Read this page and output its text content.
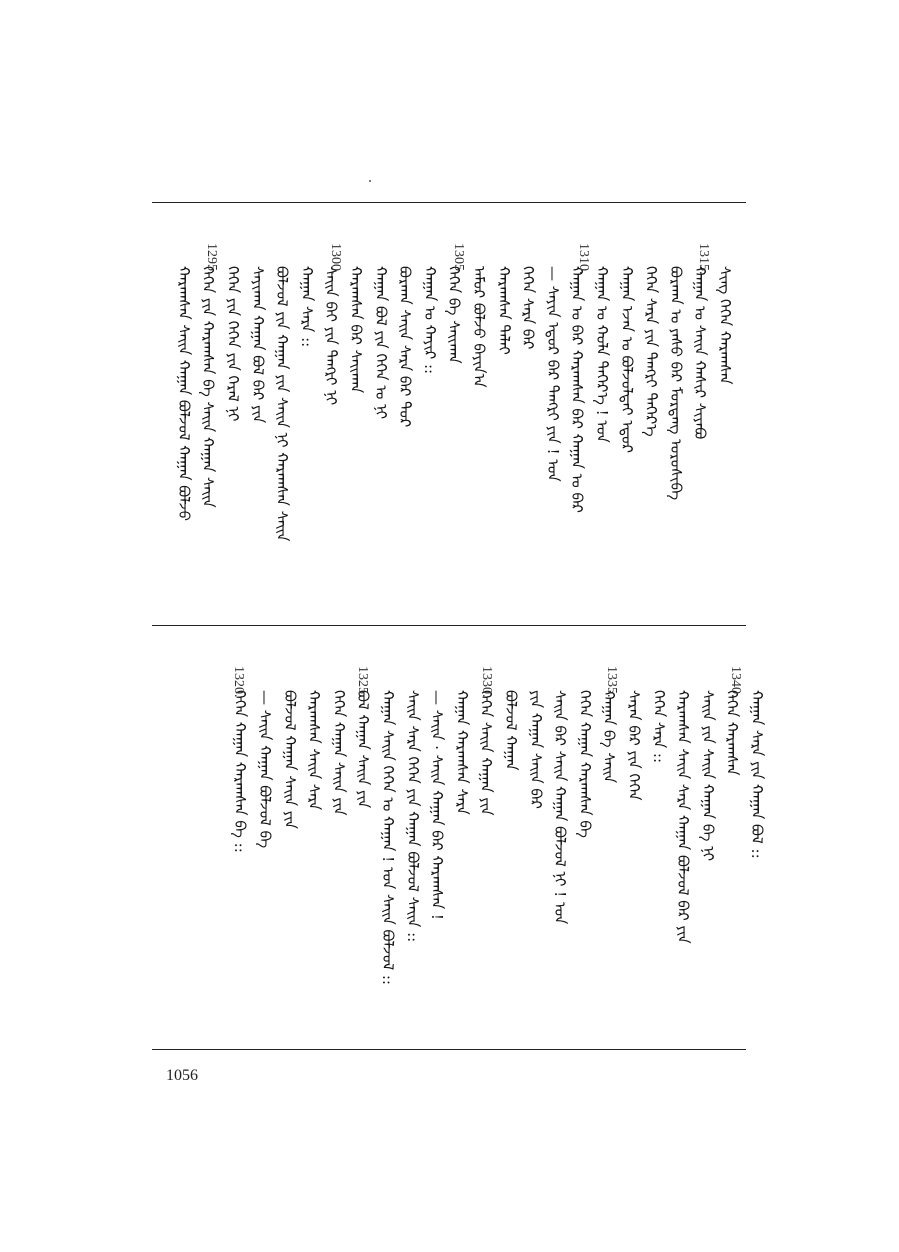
ᠰᠢᠩ ᠭᠡᠭᠡᠨ ᠬᠠᠷᠠᠭᠰᠠᠨ
ᠬᠠᠭᠠᠨ ᠤ ᠰᠠᠢᠨ ᠬᠠᠰᠢᠷ ᠰᠢᠶᠠᠪᠤ
ᠪᠤᠷᠬᠠᠨ ᠤ ᠶᠠᠰᠤ ᠪᠠᠷ ᠮᠣᠷᠳᠠᠩ ᠣᠷᠤᠰᠢᠪᠠ
ᠭᠡᠭᠡᠨ ᠰᠠᠷᠠ ᠶᠢᠨ ᠲᠡᠩᠷᠢ ᠳᠡᠭᠡᠷ᠎ᠡ
ᠬᠠᠭᠠᠨ ᠡᠵᠡᠨ ᠤ ᠪᠣᠯᠵᠣᠯᠲᠠᠢ ᠡᠳᠦᠷ
ᠬᠠᠭᠠᠨ ᠤ ᠬᠣᠯᠠ ᠳᠡᠭᠡᠷ᠎ᠡ ! ᠣᠨ
ᠬᠠᠭᠠᠨ ᠤ ᠪᠠᠷ ᠬᠠᠷᠠᠭᠰᠠᠨ ᠪᠠᠷ ᠬᠠᠭᠠᠨ ᠤ ᠪᠠᠷ
— ᠰᠠᠶᠢᠨ ᠡᠳᠦᠷ ᠪᠠᠷ ᠲᠡᠩᠷᠢ ᠶᠢᠨ ! ᠣᠨ
ᠭᠡᠭᠡᠨ ᠰᠠᠷᠠ ᠪᠠᠷ
ᠬᠠᠷᠠᠭᠰᠠᠨ ᠳᠠᠯᠠᠢ
ᠠᠮᠤᠷ ᠪᠣᠯᠵᠣ ᠪᠠᠶᠢᠨ᠎ᠠ
ᠭᠡᠭᠡᠨ ᠪᠠ ᠰᠠᠢᠬᠠᠨ
ᠬᠠᠭᠠᠨ ᠤ ᠬᠠᠶᠢᠷ ::
ᠪᠣᠷᠬᠠᠨ ᠰᠠᠢᠨ ᠰᠠᠷᠠ ᠪᠠᠷ ᠲᠣᠷ
ᠬᠠᠭᠠᠨ ᠪᠣᠯ ᠶᠢᠨ ᠭᠡᠭᠡᠨ ᠤ ᠨᠢ
ᠬᠠᠷᠠᠭᠰᠠᠨ ᠪᠠᠷ ᠰᠠᠢᠬᠠᠨ
ᠰᠠᠢᠨ ᠪᠠᠢ ᠶᠢᠨ ᠲᠡᠩᠷᠢ ᠨᠢ
ᠬᠠᠭᠠᠨ ᠰᠠᠷᠠ ::
ᠪᠣᠯᠵᠣᠯ ᠶᠢᠨ ᠬᠠᠭᠠᠨ ᠶᠢᠨ ᠰᠠᠢᠨ ᠨᠢ ᠬᠠᠷᠠᠭᠰᠠᠨ ᠰᠠᠢᠨ
ᠰᠠᠶᠢᠬᠠᠨ ᠬᠠᠭᠠᠨ ᠪᠣᠯ ᠪᠠᠷ ᠶᠢᠨ
ᠭᠡᠭᠡᠨ ᠶᠢᠨ ᠭᠡᠭᠡᠨ ᠶᠢᠨ ᠭᠡᠷᠡᠯ ᠨᠢ
ᠭᠡᠭᠡᠨ ᠶᠢᠨ ᠬᠠᠷᠠᠭᠰᠠᠨ ᠪᠠ ᠰᠠᠢᠨ ᠬᠠᠭᠠᠨ ᠰᠠᠢᠨ
ᠬᠠᠷᠠᠭᠰᠠᠨ ᠰᠠᠢᠨ ᠬᠠᠭᠠᠨ ᠪᠣᠯᠵᠣᠯ ᠬᠠᠭᠠᠨ ᠪᠣᠯᠵᠣ
ᠬᠠᠭᠠᠨ ᠰᠠᠷᠠ ᠶᠢᠨ ᠬᠠᠭᠠᠨ ᠪᠣᠯ ::
ᠭᠡᠭᠡᠨ ᠬᠠᠷᠠᠭᠰᠠᠨ
ᠰᠠᠢᠨ ᠶᠢᠨ ᠰᠠᠢᠨ ᠬᠠᠭᠠᠨ ᠪᠠ ᠨᠢ
ᠬᠠᠷᠠᠭᠰᠠᠨ ᠰᠠᠢᠨ ᠰᠠᠷᠠ ᠬᠠᠭᠠᠨ ᠪᠣᠯᠵᠣᠯ ᠪᠠᠷ ᠶᠢᠨ
ᠭᠡᠭᠡᠨ ᠰᠠᠷᠠ ::
ᠰᠠᠷᠠᠨ ᠪᠠᠷ ᠶᠢᠨ ᠭᠡᠭᠡᠨ
ᠬᠠᠭᠠᠨ ᠪᠠ ᠰᠠᠢᠨ
ᠭᠡᠭᠡᠨ ᠬᠠᠭᠠᠨ ᠬᠠᠷᠠᠭᠰᠠᠨ ᠪᠠ
ᠰᠠᠢᠨ ᠪᠠᠷ ᠰᠠᠢᠨ ᠬᠠᠭᠠᠨ ᠪᠣᠯᠵᠣᠯ ᠨᠢ ! ᠣᠨ
ᠶᠢᠨ ᠬᠠᠭᠠᠨ ᠰᠠᠢᠨ ᠪᠠᠷ
ᠪᠣᠯᠵᠣᠯ ᠬᠠᠭᠠᠨ
ᠭᠡᠭᠡᠨ ᠰᠠᠢᠨ ᠬᠠᠭᠠᠨ ᠶᠢᠨ
ᠬᠠᠭᠠᠨ ᠬᠠᠷᠠᠭᠰᠠᠨ ᠰᠠᠷᠠ
— ᠰᠠᠢᠨ · ᠰᠠᠢᠨ ᠬᠠᠭᠠᠨ ᠪᠠᠷ ᠬᠠᠷᠠᠭᠰᠠᠨ !
ᠰᠠᠢᠨ ᠰᠠᠷᠠ ᠭᠡᠭᠡᠨ ᠶᠢᠨ ᠬᠠᠭᠠᠨ ᠪᠣᠯᠵᠣᠯ ᠰᠠᠢᠨ ::
ᠬᠠᠭᠠᠨ ᠰᠠᠢᠨ ᠭᠡᠭᠡᠨ ᠤ ᠬᠠᠭᠠᠨ ! ᠣᠨ ᠰᠠᠢᠨ ᠪᠣᠯᠵᠣᠯ ::
ᠪᠣᠯ ᠬᠠᠭᠠᠨ ᠰᠠᠢᠨ ᠶᠢᠨ
ᠭᠡᠭᠡᠨ ᠬᠠᠭᠠᠨ ᠰᠠᠢᠨ ᠶᠢᠨ
ᠬᠠᠷᠠᠭᠰᠠᠨ ᠰᠠᠢᠨ ᠰᠠᠷᠠ
ᠪᠣᠯᠵᠣᠯ ᠬᠠᠭᠠᠨ ᠰᠠᠢᠨ ᠶᠢᠨ
— ᠰᠠᠢᠨ ᠬᠠᠭᠠᠨ ᠪᠣᠯᠵᠣᠯ ᠪᠠ
ᠭᠡᠭᠡᠨ ᠬᠠᠭᠠᠨ ᠬᠠᠷᠠᠭᠰᠠᠨ ᠪᠠ ::
1315.
1310.
1305.
1300.
1295.
1340.
1335.
1330.
1325.
1320.
1056
